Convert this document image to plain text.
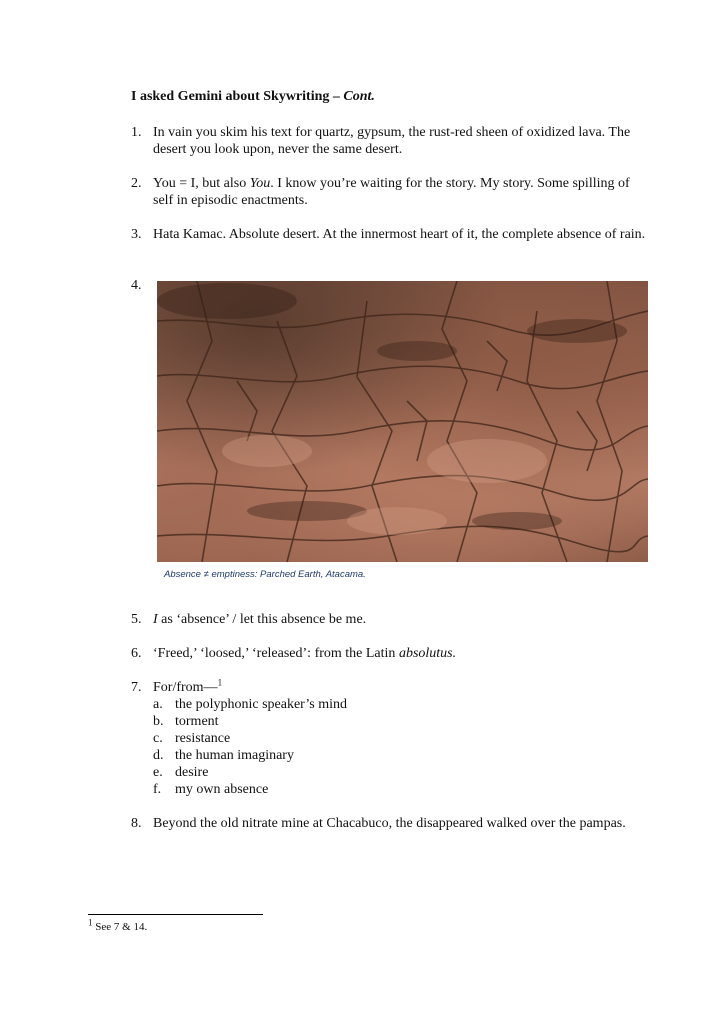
I asked Gemini about Skywriting – Cont.
1. In vain you skim his text for quartz, gypsum, the rust-red sheen of oxidized lava. The desert you look upon, never the same desert.
2. You = I, but also You. I know you’re waiting for the story. My story. Some spilling of self in episodic enactments.
3. Hata Kamac. Absolute desert. At the innermost heart of it, the complete absence of rain.
4.
Absence ≠ emptiness: Parched Earth, Atacama.
5. I as ‘absence’ / let this absence be me.
6. ‘Freed,’ ‘loosed,’ ‘released’: from the Latin absolutus.
7. For/from—$^1$
a. the polyphonic speaker’s mind
b. torment
c. resistance
d. the human imaginary
e. desire
f. my own absence
8. Beyond the old nitrate mine at Chacabuco, the disappeared walked over the pampas.
$^1$ See 7 & 14.
